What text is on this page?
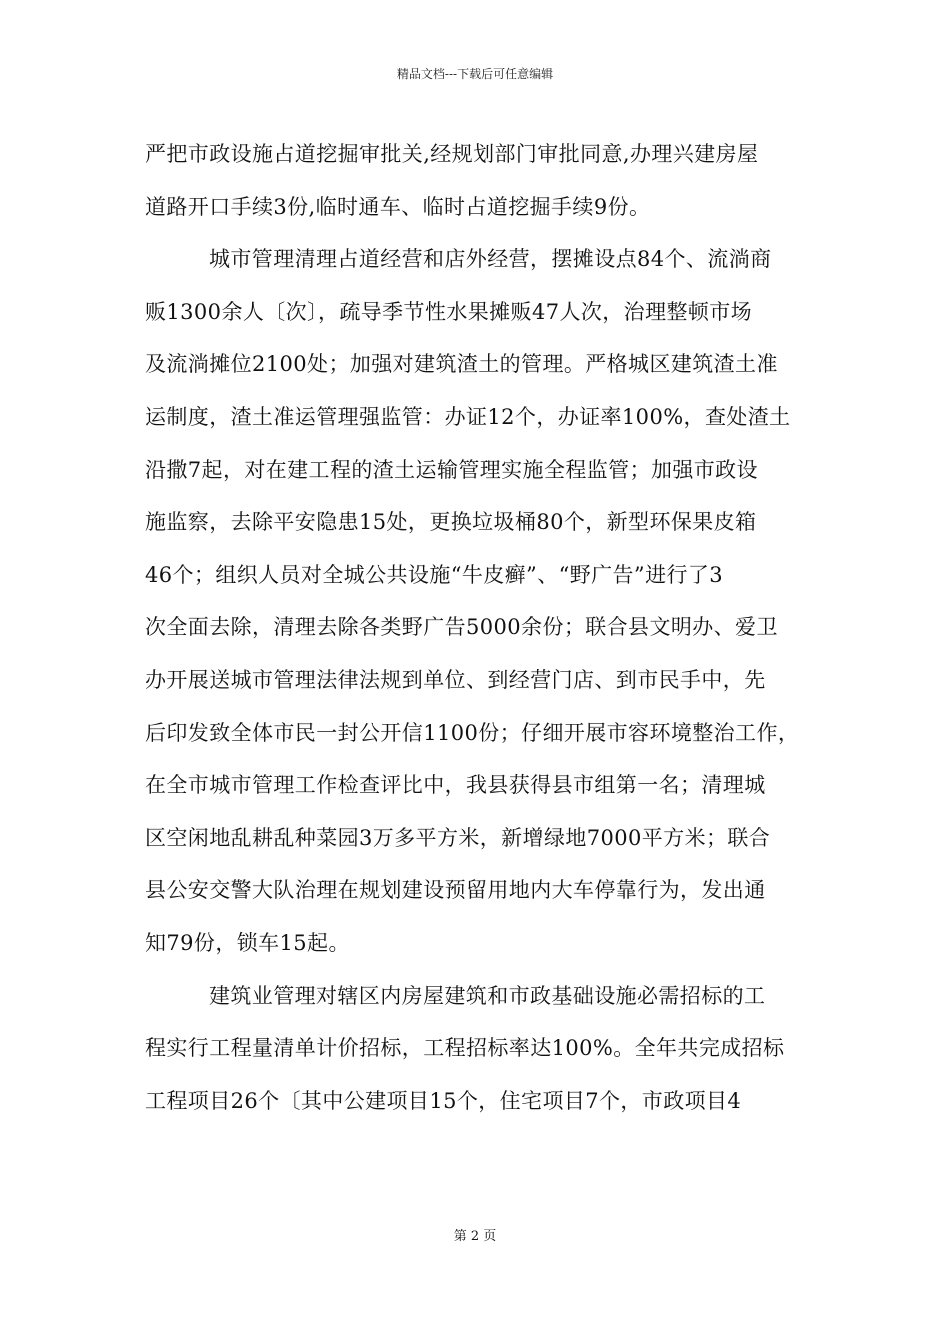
精品文档---下载后可任意编辑
严把市政设施占道挖掘审批关,经规划部门审批同意,办理兴建房屋
道路开口手续3份,临时通车、临时占道挖掘手续9份。
城市管理清理占道经营和店外经营，摆摊设点84个、流淌商
贩1300余人〔次〕，疏导季节性水果摊贩47人次，治理整顿市场
及流淌摊位2100处；加强对建筑渣土的管理。严格城区建筑渣土准
运制度，渣土准运管理强监管：办证12个，办证率100%，查处渣土
沿撒7起，对在建工程的渣土运输管理实施全程监管；加强市政设
施监察，去除平安隐患15处，更换垃圾桶80个，新型环保果皮箱
46个；组织人员对全城公共设施“牛皮癣”、“野广告”进行了3
次全面去除，清理去除各类野广告5000余份；联合县文明办、爱卫
办开展送城市管理法律法规到单位、到经营门店、到市民手中，先
后印发致全体市民一封公开信1100份；仔细开展市容环境整治工作，
在全市城市管理工作检查评比中，我县获得县市组第一名；清理城
区空闲地乱耕乱种菜园3万多平方米，新增绿地7000平方米；联合
县公安交警大队治理在规划建设预留用地内大车停靠行为，发出通
知79份，锁车15起。
建筑业管理对辖区内房屋建筑和市政基础设施必需招标的工
程实行工程量清单计价招标，工程招标率达100%。全年共完成招标
工程项目26个〔其中公建项目15个，住宅项目7个，市政项目4
第 2 页
